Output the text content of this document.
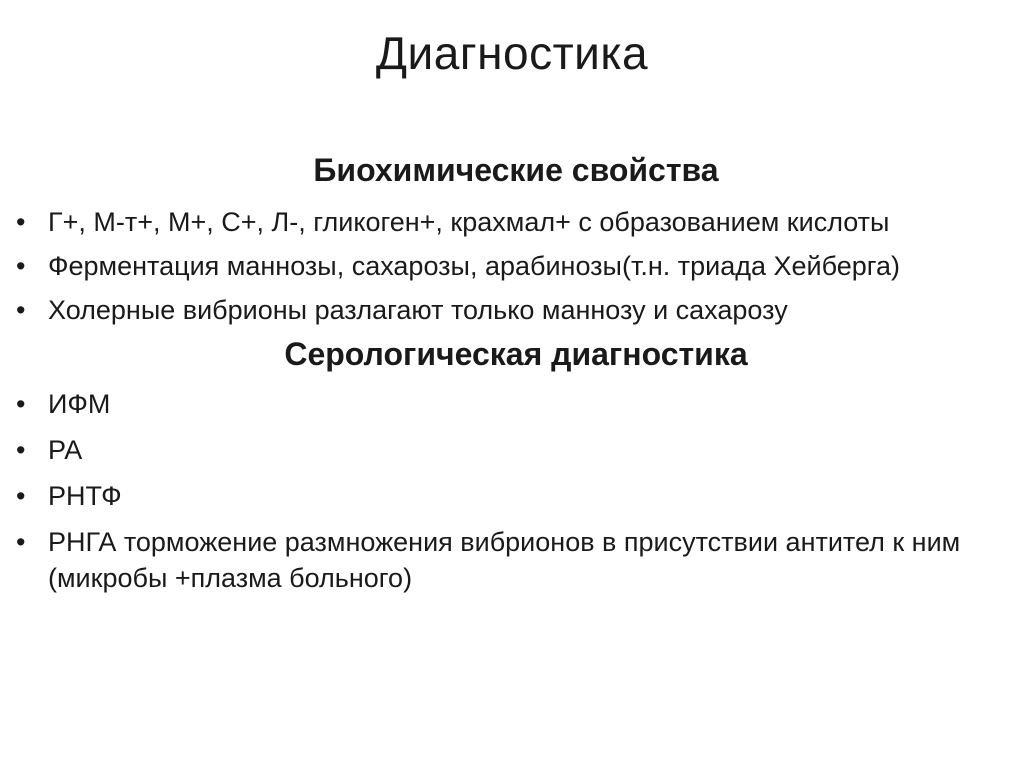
Диагностика
Биохимические свойства
• Г+, М-т+, М+, С+, Л-, гликоген+, крахмал+ с образованием кислоты
• Ферментация маннозы, сахарозы, арабинозы(т.н. триада Хейберга)
• Холерные вибрионы разлагают только маннозу и сахарозу
Серологическая диагностика
• ИФМ
• РА
• РНТФ
• РНГА торможение размножения вибрионов в присутствии антител к ним (микробы +плазма больного)
